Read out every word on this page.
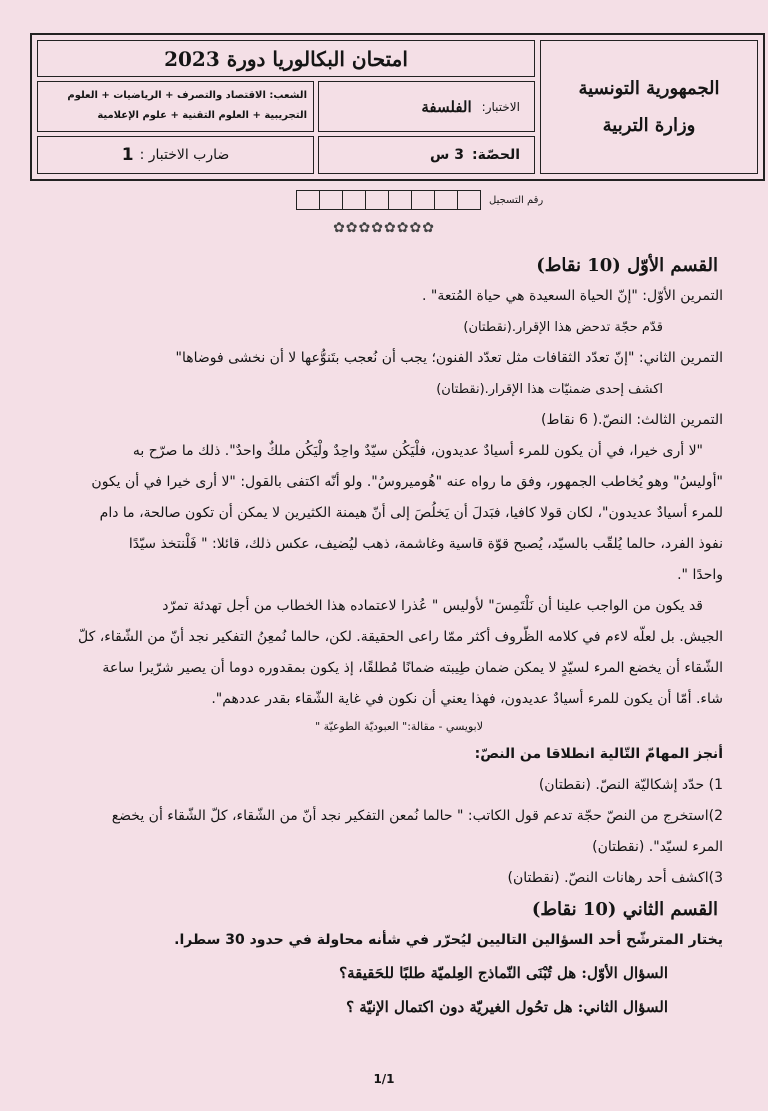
الجمهورية التونسية
وزارة التربية
امتحان البكالوريا دورة 2023
الشعب: الاقتصاد والتصرف + الرياضيات + العلوم التجريبية + العلوم التقنية + علوم الإعلامية
الاختبار:
الفلسفة
ضارب الاختبار :
1	الحصّة:
3 س
رقم التسجيل
✿✿✿✿✿✿✿✿
القسم الأوّل (10 نقاط)
التمرين الأوّل: "إنّ الحياة السعيدة هي حياة المُتعة" .
قدّم حجّة تدحض هذا الإقرار.(نقطتان)
التمرين الثاني: "إنّ تعدّد الثقافات مثل تعدّد الفنون؛ يجب أن نُعجب بتَنوُّعها لا أن نخشى فوضاها"
اكشف إحدى ضمنيّات هذا الإقرار.(نقطتان)
التمرين الثالث: النصّ.( 6 نقاط)

"لا أرى خيرا، في أن يكون للمرء أسيادٌ عديدون، فلْيَكُن سيّدٌ واحِدٌ ولْيَكُن ملكٌ واحدٌ". ذلك ما صرّح به

"أوليسُ" وهو يُخاطب الجمهور، وفق ما رواه عنه "هُوميروسُ". ولو أنّه اكتفى بالقول: "لا أرى خيرا في أن يكون

للمرء أسيادٌ عديدون"، لكان قولا كافيا، فبَدلَ أن يَخلُصَ إلى أنّ هيمنة الكثيرين لا يمكن أن تكون صالحة، ما دام

نفوذ الفرد، حالما يُلقّب بالسيّد، يُصبح قوّة قاسية وغاشمة، ذهب ليُضيف، عكس ذلك، قائلا: " فَلْنتخذ سيّدًا

واحدًا ".

قد يكون من الواجب علينا أن نَلْتَمِسَ" لأوليس " عُذرا لاعتماده هذا الخطاب من أجل تهدئة تمرّد

الجيش. بل لعلّه لاءم في كلامه الظّروف أكثر ممّا راعى الحقيقة. لكن، حالما نُمعِنُ التفكير نجد أنّ من الشّقاء، كلّ

الشّقاء أن يخضع المرء لسيّدٍ لا يمكن ضمان طِيبته ضمانًا مُطلقًا، إذ يكون بمقدوره دوما أن يصير شرّيرا ساعة

شاء. أمّا أن يكون للمرء أسيادٌ عديدون، فهذا يعني أن نكون في غاية الشّقاء بقدر عددهم".

لابويسي - مقالة:" العبوديّة الطوعيّة "
أنجز المهامّ التّالية انطلاقا من النصّ:
1) حدّد إشكاليّة النصّ. (نقطتان)
2)استخرج من النصّ حجّة تدعم قول الكاتب: " حالما نُمعن التفكير نجد أنّ من الشّقاء، كلّ الشّقاء أن يخضع
المرء لسيّد". (نقطتان)
3)اكشف أحد رهانات النصّ. (نقطتان)
القسم الثاني (10 نقاط)
يختار المترشّح أحد السؤالين التاليين ليُحرّر في شأنه محاولة في حدود 30 سطرا.
السؤال الأوّل: هل تُبْنَى النّماذج العِلميّة طلبًا للحَقيقة؟
السؤال الثاني: هل تحُول الغيريّة دون اكتمال الإنيّة ؟
1/1
